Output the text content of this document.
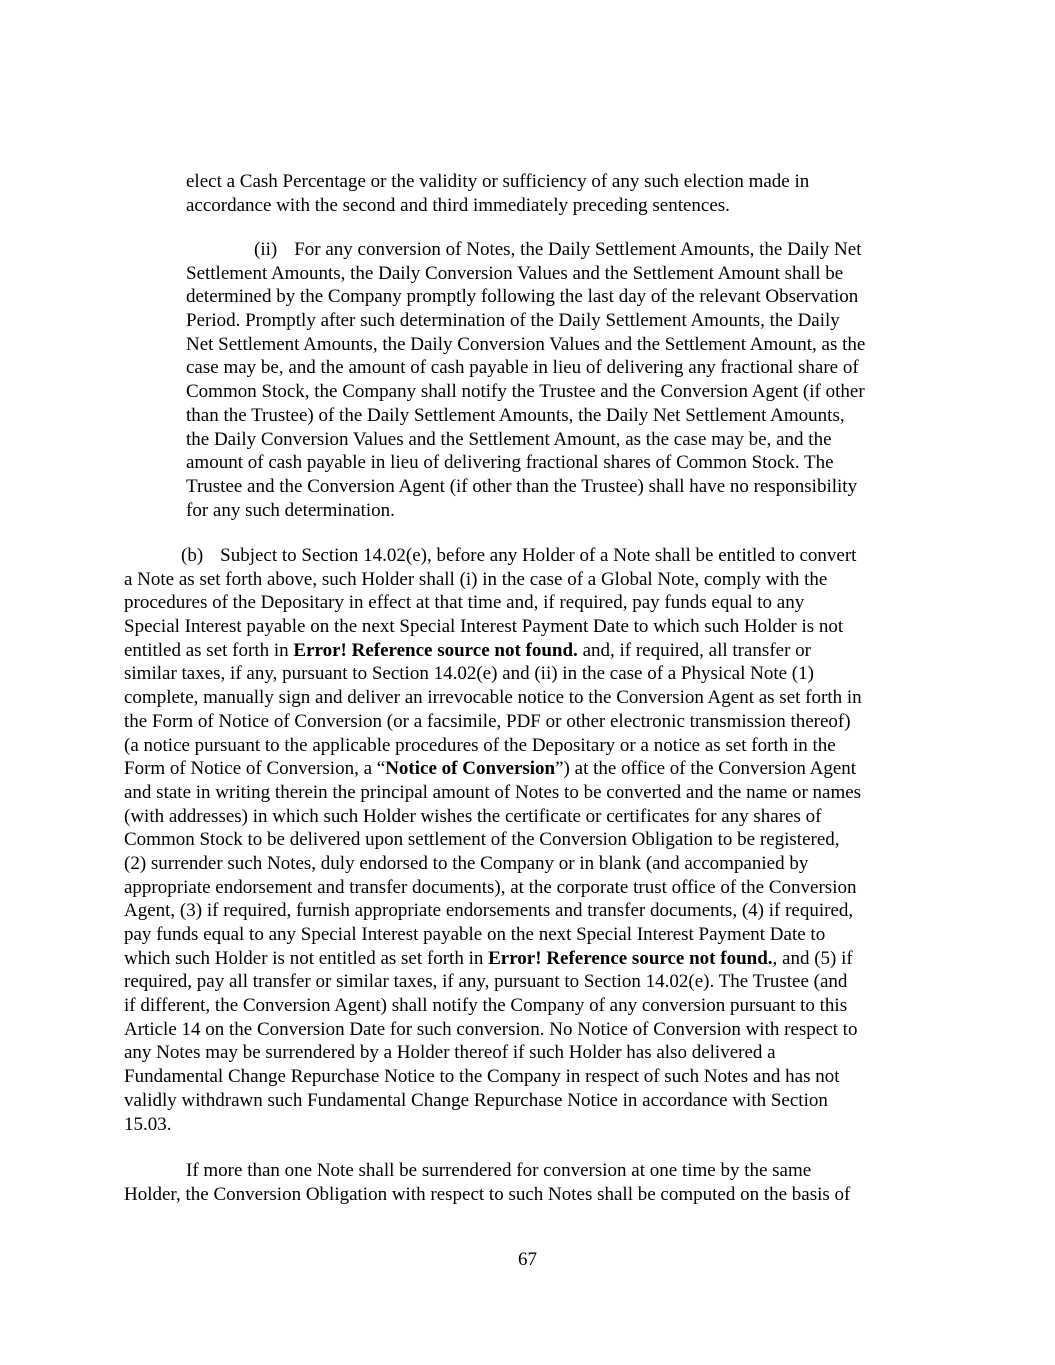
elect a Cash Percentage or the validity or sufficiency of any such election made in
accordance with the second and third immediately preceding sentences.
(ii) For any conversion of Notes, the Daily Settlement Amounts, the Daily Net
Settlement Amounts, the Daily Conversion Values and the Settlement Amount shall be
determined by the Company promptly following the last day of the relevant Observation
Period. Promptly after such determination of the Daily Settlement Amounts, the Daily
Net Settlement Amounts, the Daily Conversion Values and the Settlement Amount, as the
case may be, and the amount of cash payable in lieu of delivering any fractional share of
Common Stock, the Company shall notify the Trustee and the Conversion Agent (if other
than the Trustee) of the Daily Settlement Amounts, the Daily Net Settlement Amounts,
the Daily Conversion Values and the Settlement Amount, as the case may be, and the
amount of cash payable in lieu of delivering fractional shares of Common Stock. The
Trustee and the Conversion Agent (if other than the Trustee) shall have no responsibility
for any such determination.
(b) Subject to Section 14.02(e), before any Holder of a Note shall be entitled to convert
a Note as set forth above, such Holder shall (i) in the case of a Global Note, comply with the
procedures of the Depositary in effect at that time and, if required, pay funds equal to any
Special Interest payable on the next Special Interest Payment Date to which such Holder is not
entitled as set forth in Error! Reference source not found. and, if required, all transfer or
similar taxes, if any, pursuant to Section 14.02(e) and (ii) in the case of a Physical Note (1)
complete, manually sign and deliver an irrevocable notice to the Conversion Agent as set forth in
the Form of Notice of Conversion (or a facsimile, PDF or other electronic transmission thereof)
(a notice pursuant to the applicable procedures of the Depositary or a notice as set forth in the
Form of Notice of Conversion, a “Notice of Conversion”) at the office of the Conversion Agent
and state in writing therein the principal amount of Notes to be converted and the name or names
(with addresses) in which such Holder wishes the certificate or certificates for any shares of
Common Stock to be delivered upon settlement of the Conversion Obligation to be registered,
(2) surrender such Notes, duly endorsed to the Company or in blank (and accompanied by
appropriate endorsement and transfer documents), at the corporate trust office of the Conversion
Agent, (3) if required, furnish appropriate endorsements and transfer documents, (4) if required,
pay funds equal to any Special Interest payable on the next Special Interest Payment Date to
which such Holder is not entitled as set forth in Error! Reference source not found., and (5) if
required, pay all transfer or similar taxes, if any, pursuant to Section 14.02(e). The Trustee (and
if different, the Conversion Agent) shall notify the Company of any conversion pursuant to this
Article 14 on the Conversion Date for such conversion. No Notice of Conversion with respect to
any Notes may be surrendered by a Holder thereof if such Holder has also delivered a
Fundamental Change Repurchase Notice to the Company in respect of such Notes and has not
validly withdrawn such Fundamental Change Repurchase Notice in accordance with Section
15.03.
If more than one Note shall be surrendered for conversion at one time by the same
Holder, the Conversion Obligation with respect to such Notes shall be computed on the basis of
67
